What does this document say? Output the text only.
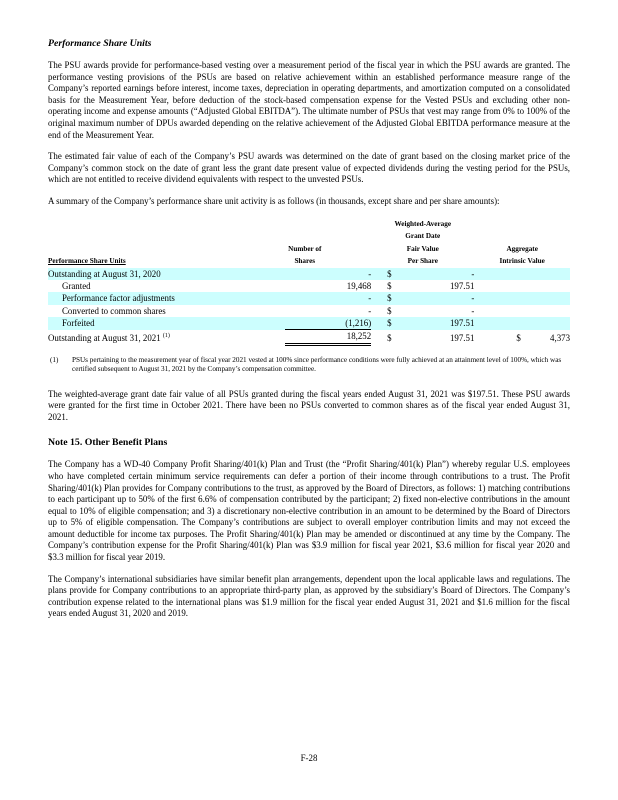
Performance Share Units

The PSU awards provide for performance-based vesting over a measurement period of the fiscal year in which the PSU awards are granted. The performance vesting provisions of the PSUs are based on relative achievement within an established performance measure range of the Company’s reported earnings before interest, income taxes, depreciation in operating departments, and amortization computed on a consolidated basis for the Measurement Year, before deduction of the stock-based compensation expense for the Vested PSUs and excluding other non-operating income and expense amounts (“Adjusted Global EBITDA”). The ultimate number of PSUs that vest may range from 0% to 100% of the original maximum number of DPUs awarded depending on the relative achievement of the Adjusted Global EBITDA performance measure at the end of the Measurement Year.

The estimated fair value of each of the Company’s PSU awards was determined on the date of grant based on the closing market price of the Company’s common stock on the date of grant less the grant date present value of expected dividends during the vesting period for the PSUs, which are not entitled to receive dividend equivalents with respect to the unvested PSUs.

A summary of the Company’s performance share unit activity is as follows (in thousands, except share and per share amounts):

		Weighted-Average			
		Grant Date			
	Number of	Fair Value		Aggregate	
Performance Share Units	Shares	Per Share		Intrinsic Value	
Outstanding at August 31, 2020	-	$	-		
Granted	19,468	$	197.51		
Performance factor adjustments	-	$	-		
Converted to common shares	-	$	-		
Forfeited	(1,216)	$	197.51		
Outstanding at August 31, 2021 $^{(1)}$	18,252	$	197.51	$	4,373
(1)	PSUs pertaining to the measurement year of fiscal year 2021 vested at 100% since performance conditions were fully achieved at an attainment level of 100%, which was certified subsequent to August 31, 2021 by the Company’s compensation committee.

The weighted-average grant date fair value of all PSUs granted during the fiscal years ended August 31, 2021 was $197.51. These PSU awards were granted for the first time in October 2021. There have been no PSUs converted to common shares as of the fiscal year ended August 31, 2021.

Note 15. Other Benefit Plans

The Company has a WD-40 Company Profit Sharing/401(k) Plan and Trust (the “Profit Sharing/401(k) Plan”) whereby regular U.S. employees who have completed certain minimum service requirements can defer a portion of their income through contributions to a trust. The Profit Sharing/401(k) Plan provides for Company contributions to the trust, as approved by the Board of Directors, as follows: 1) matching contributions to each participant up to 50% of the first 6.6% of compensation contributed by the participant; 2) fixed non-elective contributions in the amount equal to 10% of eligible compensation; and 3) a discretionary non-elective contribution in an amount to be determined by the Board of Directors up to 5% of eligible compensation. The Company’s contributions are subject to overall employer contribution limits and may not exceed the amount deductible for income tax purposes. The Profit Sharing/401(k) Plan may be amended or discontinued at any time by the Company. The Company’s contribution expense for the Profit Sharing/401(k) Plan was $3.9 million for fiscal year 2021, $3.6 million for fiscal year 2020 and $3.3 million for fiscal year 2019.

The Company’s international subsidiaries have similar benefit plan arrangements, dependent upon the local applicable laws and regulations. The plans provide for Company contributions to an appropriate third-party plan, as approved by the subsidiary’s Board of Directors. The Company’s contribution expense related to the international plans was $1.9 million for the fiscal year ended August 31, 2021 and $1.6 million for the fiscal years ended August 31, 2020 and 2019.

F-28
